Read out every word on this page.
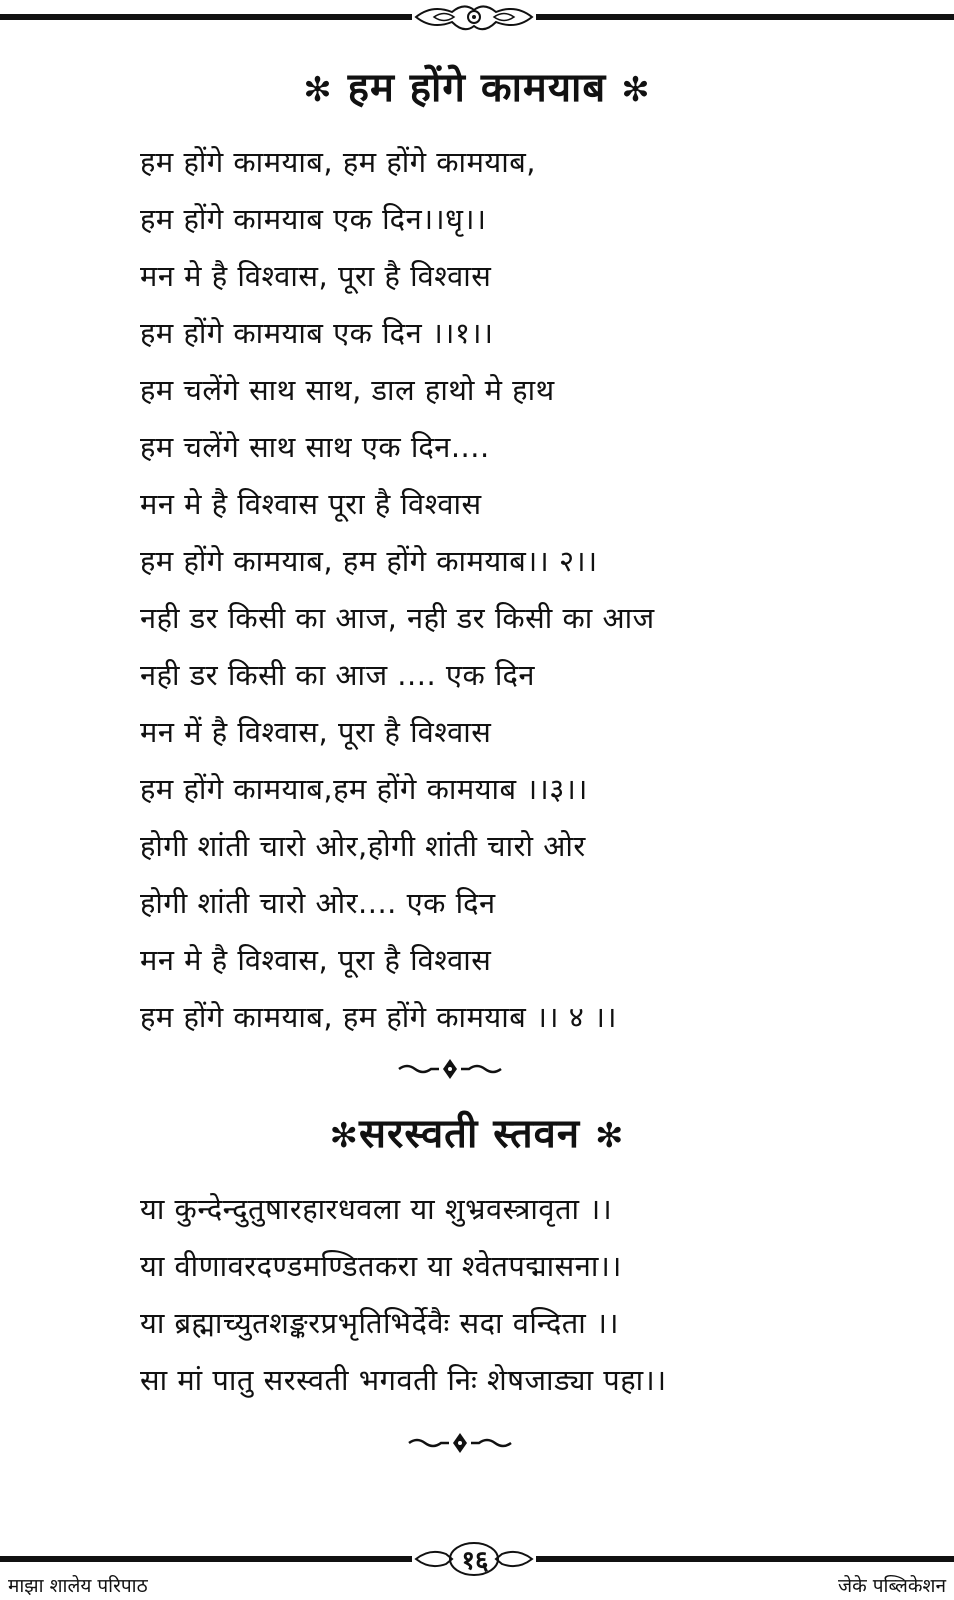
✻ हम होंगे कामयाब ✻
हम होंगे कामयाब, हम होंगे कामयाब,
हम होंगे कामयाब एक दिन।।धृ।।
मन मे है विश्वास, पूरा है विश्वास
हम होंगे कामयाब एक दिन ।।१।।
हम चलेंगे साथ साथ, डाल हाथो मे हाथ
हम चलेंगे साथ साथ एक दिन....
मन मे है विश्वास पूरा है विश्वास
हम होंगे कामयाब, हम होंगे कामयाब।। २।।
नही डर किसी का आज, नही डर किसी का आज
नही डर किसी का आज .... एक दिन
मन में है विश्वास, पूरा है विश्वास
हम होंगे कामयाब,हम होंगे कामयाब ।।३।।
होगी शांती चारो ओर,होगी शांती चारो ओर
होगी शांती चारो ओर.... एक दिन
मन मे है विश्वास, पूरा है विश्वास
हम होंगे कामयाब, हम होंगे कामयाब ।। ४ ।।
✻सरस्वती स्तवन ✻
या कुन्देन्दुतुषारहारधवला या शुभ्रवस्त्रावृता ।।
या वीणावरदण्डमण्डितकरा या श्वेतपद्मासना।।
या ब्रह्माच्युतशङ्करप्रभृतिभिर्देवैः सदा वन्दिता ।।
सा मां पातु सरस्वती भगवती निः शेषजाड्या पहा।।
१६
माझा शालेय परिपाठ	जेके पब्लिकेशन
